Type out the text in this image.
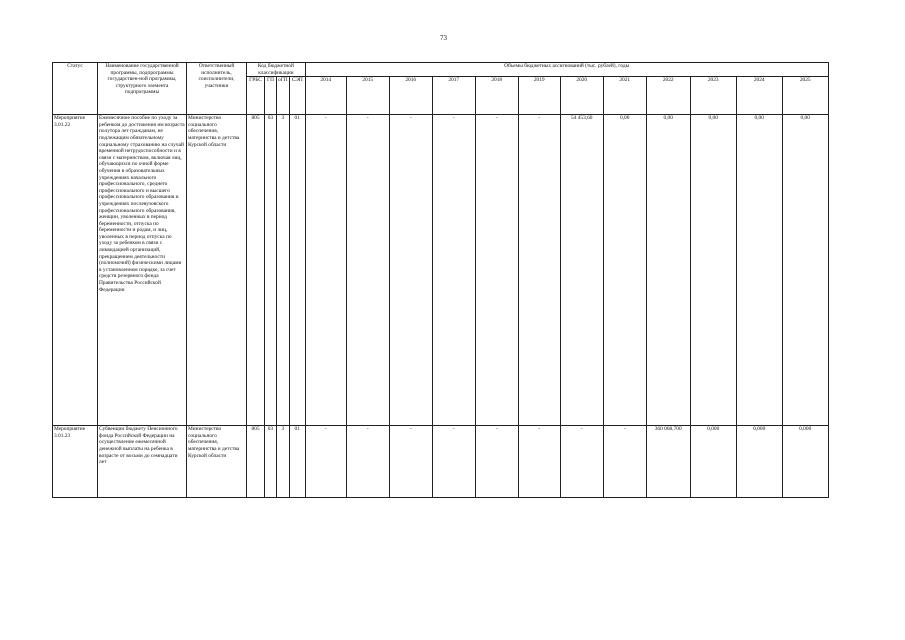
73
Статус	Наименование государственной программы, подпрограммы государствен-ной программы, структурного элемента подпрограммы	Ответственный исполнитель, соисполнители, участники	Код бюджетной классификации				Объемы бюджетных ассигнований (тыс. рублей), годы											
			ГРБС	ГП	оГП	СЭП	2014	2015	2016	2017	2018	2019	2020	2021	2022	2023	2024	2025
Мероприятие 3.01.22	Ежемесячное пособие по уходу за ребенком до достижения им возраста полутора лет гражданам, не подлежащим обязательному социальному страхованию на случай временной нетрудоспособности и в связи с материнством, включая лиц, обучающихся по очной форме обучения в образовательных учреждениях начального профессионального, среднего профессионального и высшего профессионального образования и учреждениях послевузовского профессионального образования, женщин, уволенных в период беременности, отпуска по беременности и родам, и лиц, уволенных в период отпуска по уходу за ребенком в связи с ликвидацией организаций, прекращением деятельности (полномочий) физическими лицами в установленном порядке, за счет средств резервного фонда Правительства Российской Федерации	Министерство социального обеспечения, материнства и детства Курской области	805	03	3	01	-	-	-	-	-	-	54 453,60	0,00	0,00	0,00	0,00	0,00
Мероприятие 3.01.23	Субвенции бюджету Пенсионного фонда Российской Федерации на осуществление ежемесячной денежной выплаты на ребенка в возрасте от восьми до семнадцати лет	Министерство социального обеспечения, материнства и детства Курской области	805	03	3	01	-	-	-	-	-	-	-	-	360 068,700	0,000	0,000	0,000
